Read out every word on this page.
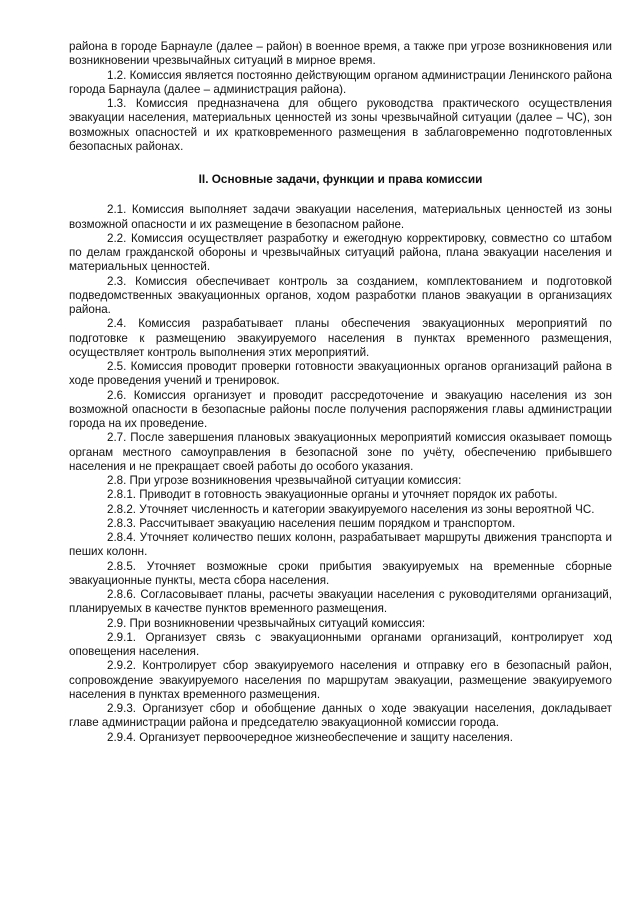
района в городе Барнауле (далее – район) в военное время, а также при угрозе возникновения или возникновении чрезвычайных ситуаций в мирное время.

1.2. Комиссия является постоянно действующим органом администрации Ленинского района города Барнаула (далее – администрация района).

1.3. Комиссия предназначена для общего руководства практического осуществления эвакуации населения, материальных ценностей из зоны чрезвычайной ситуации (далее – ЧС), зон возможных опасностей и их кратковременного размещения в заблаговременно подготовленных безопасных районах.

II. Основные задачи, функции и права комиссии

2.1. Комиссия выполняет задачи эвакуации населения, материальных ценностей из зоны возможной опасности и их размещение в безопасном районе.

2.2. Комиссия осуществляет разработку и ежегодную корректировку, совместно со штабом по делам гражданской обороны и чрезвычайных ситуаций района, плана эвакуации населения и материальных ценностей.

2.3. Комиссия обеспечивает контроль за созданием, комплектованием и подготовкой подведомственных эвакуационных органов, ходом разработки планов эвакуации в организациях района.

2.4. Комиссия разрабатывает планы обеспечения эвакуационных мероприятий по подготовке к размещению эвакуируемого населения в пунктах временного размещения, осуществляет контроль выполнения этих мероприятий.

2.5. Комиссия проводит проверки готовности эвакуационных органов организаций района в ходе проведения учений и тренировок.

2.6. Комиссия организует и проводит рассредоточение и эвакуацию населения из зон возможной опасности в безопасные районы после получения распоряжения главы администрации города на их проведение.

2.7. После завершения плановых эвакуационных мероприятий комиссия оказывает помощь органам местного самоуправления в безопасной зоне по учёту, обеспечению прибывшего населения и не прекращает своей работы до особого указания.

2.8. При угрозе возникновения чрезвычайной ситуации комиссия:

2.8.1. Приводит в готовность эвакуационные органы и уточняет порядок их работы.

2.8.2. Уточняет численность и категории эвакуируемого населения из зоны вероятной ЧС.

2.8.3. Рассчитывает эвакуацию населения пешим порядком и транспортом.

2.8.4. Уточняет количество пеших колонн, разрабатывает маршруты движения транспорта и пеших колонн.

2.8.5. Уточняет возможные сроки прибытия эвакуируемых на временные сборные эвакуационные пункты, места сбора населения.

2.8.6. Согласовывает планы, расчеты эвакуации населения с руководителями организаций, планируемых в качестве пунктов временного размещения.

2.9. При возникновении чрезвычайных ситуаций комиссия:

2.9.1. Организует связь с эвакуационными органами организаций, контролирует ход оповещения населения.

2.9.2. Контролирует сбор эвакуируемого населения и отправку его в безопасный район, сопровождение эвакуируемого населения по маршрутам эвакуации, размещение эвакуируемого населения в пунктах временного размещения.

2.9.3. Организует сбор и обобщение данных о ходе эвакуации населения, докладывает главе администрации района и председателю эвакуационной комиссии города.

2.9.4. Организует первоочередное жизнеобеспечение и защиту населения.
